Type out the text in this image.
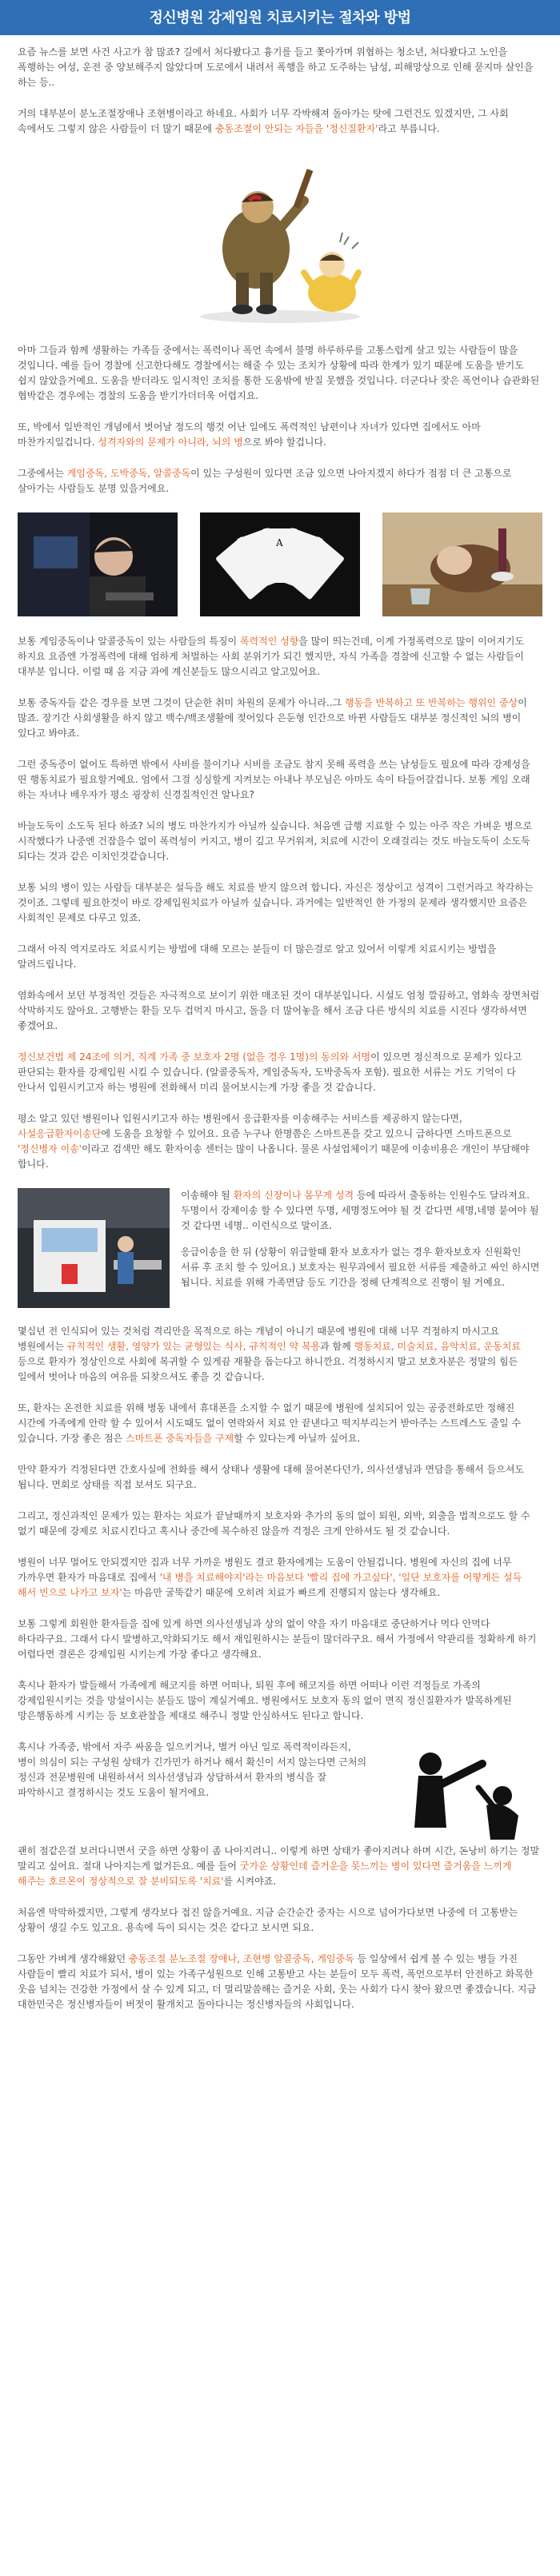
정신병원 강제입원 치료시키는 절차와 방법

요즘 뉴스를 보면 사건 사고가 참 많죠? 길에서 처다봤다고 흉기를 들고 쫓아가며 위협하는 청소년, 처다봤다고 노인을 폭행하는 여성, 운전 중 양보해주지 않았다며 도로에서 내려서 폭행을 하고 도주하는 남성, 피해망상으로 인해 묻지마 살인을 하는 등..

거의 대부분이 분노조절장애나 조현병이라고 하네요. 사회가 너무 각박해져 돌아가는 탓에 그런건도 있겠지만, 그 사회 속에서도 그렇지 않은 사람들이 더 많기 때문에 충동조절이 안되는 자들을 '정신질환자'라고 부릅니다.

아마 그들과 함께 생활하는 가족들 중에서는 폭력이나 폭언 속에서 불명 하루하루를 고통스럽게 살고 있는 사람들이 많을 것입니다. 예를 들어 경찰에 신고한다해도 경찰에서는 해줄 수 있는 조치가 상황에 따라 한계가 있기 때문에 도움을 받기도 쉽지 않았을거예요. 도움을 받더라도 일시적인 조치를 통한 도움밖에 받질 못했을 것입니다. 더군다나 잦은 폭언이나 습관화된 협박같은 경우에는 경찰의 도움을 받기가더더욱 어렵지요.

또, 박에서 일반적인 개념에서 벗어날 정도의 행것 어난 일에도 폭력적인 남편이나 자녀가 있다면 집에서도 아마 마찬가지일겁니다. 성격자와의 문제가 아니라, 뇌의 병으로 봐야 할겁니다.

그중에서는 게임중독, 도박중독, 알콜중독이 있는 구성원이 있다면 조금 있으면 나아지겠지 하다가 점점 더 큰 고통으로 살아가는 사람들도 분명 있을거에요.

A

보통 게임중독이나 알콜중독이 있는 사람들의 특징이 폭력적인 성향을 많이 띄는건데, 이게 가정폭력으로 많이 이어지기도 하지요 요즘엔 가정폭력에 대해 엄하게 처벌하는 사회 분위기가 되긴 했지만, 자식 가족을 경찰에 신고할 수 없는 사람들이 대부분 입니다. 이럴 때 음 지금 과에 계신분들도 많으시리고 알고있어요.

보통 중독자들 같은 경우를 보면 그것이 단순한 취미 차원의 문제가 아니라..그 행동을 반복하고 또 반복하는 행위인 중상이 많죠. 장기간 사회생활을 하지 않고 백수/백조생활에 젖어있다 은둔형 인간으로 바뀐 사람들도 대부분 정신적인 뇌의 병이 있다고 봐야죠.

그런 중독증이 없어도 특하면 밖에서 사비를 불이기나 시비를 조금도 참지 못해 폭력을 쓰는 남성들도 필요에 따라 강제성을 띤 행동치료가 필요할거예요. 엄에서 그걸 싱싱할게 지켜보는 아내나 부모님은 아마도 속이 타들어갈겁니다. 보통 게임 오래 하는 자녀나 배우자가 평소 굉장히 신경질적인건 알나요?

바늘도둑이 소도둑 된다 하죠? 뇌의 병도 마찬가지가 아닐까 싶습니다. 처음엔 급행 지료할 수 있는 아주 작은 가벼운 병으로 시작했다가 나중엔 건잡을수 없이 폭력성이 커지고, 병이 깊고 무거워져, 치료에 시간이 오래걸리는 것도 바늘도둑이 소도둑 되다는 것과 같은 이치인것같습니다.

보통 뇌의 병이 있는 사람들 대부분은 설득을 해도 치료를 받지 않으려 합니다. 자신은 정상이고 성격이 그런거라고 착각하는 것이죠. 그렇데 필요한것이 바로 강제입원치료가 아닐까 싶습니다. 과거에는 일반적인 한 가정의 문제라 생각했지만 요즘은 사회적인 문제로 다루고 있죠.

그래서 아직 역지로라도 치료시키는 방법에 대해 모르는 분들이 더 많은걸로 알고 있어서 이렇게 치료시키는 방법을 알려드립니다.

염화속에서 보던 부정적인 것들은 자극적으로 보이기 위한 매조된 것이 대부분입니다. 시설도 엄청 깔끔하고, 염화속 장면처럼 삭막하지도 않아요. 고행받는 환들 모두 겁먹지 마시고, 돌을 더 많어놓을 해서 조금 다른 방식의 치료를 시진다 생각하셔면 좋겠어요.

정신보건법 제 24조에 의거, 직계 가족 중 보호자 2명 (없을 경우 1명)의 동의와 서명이 있으면 정신적으로 문제가 있다고 판단되는 환자를 강제입원 시킬 수 있습니다. (알콜중독자, 게임중독자, 도박중독자 포함). 필요한 서류는 거도 기억이 다 안나서 입원시키고자 하는 병원에 전화해서 미리 물어보시는게 가장 좋을 것 같습니다.

평소 알고 있던 병원이나 입원시키고자 하는 병원에서 응급환자를 이송해주는 서비스를 제공하지 않는다면, 사설응급환자이송단에 도움을 요청할 수 있어요. 요즘 누구나 한명쯤은 스마트폰을 갖고 있으니 급하다면 스마트폰으로 '정신병자 이송'이라고 검색만 해도 환자이송 센터는 많이 나옵니다. 물론 사설업체이기 때문에 이송비용은 개인이 부담해야 합니다.

이송해야 될 환자의 신장이나 몸무게 성격 등에 따라서 출동하는 인원수도 달라져요. 두명이서 강제이송 할 수 있다면 두명, 세명정도여야 될 것 같다면 세명,네명 붙여야 될 것 같다면 네명.. 이런식으로 말이죠.

응급이송을 한 뒤 (상황이 위급할때 환자 보호자가 없는 경우 환자보호자 신원확인 서류 후 조치 할 수 있어요.) 보호자는 원무과에서 필요한 서류를 제출하고 싸인 하시면 됩니다. 치료를 위해 가족면담 등도 기간을 정해 단계적으로 진행이 될 거예요.

몇십년 전 인식되어 있는 것처럼 격리만을 목적으로 하는 개념이 아니기 때문에 병원에 대해 너무 걱정하지 마시고요 병원에서는 규칙적인 생활, 영양가 있는 균형있는 식사, 규칙적인 약 복용과 함께 행동치료, 미술치료, 음악치료, 운동치료 등으로 환자가 정상인으로 사회에 복귀할 수 있게끔 재활을 돕는다고 하니깐요. 걱정하시지 말고 보호자분은 정말의 힘든 일에서 벗어나 마음의 여유를 되찾으셔도 좋을 것 같습니다.

또, 환자는 온전한 치료를 위해 병동 내에서 휴대폰을 소지할 수 없기 때문에 병원에 설치되어 있는 공중전화로만 정해진 시간에 가족에게 안락 할 수 있어서 시도때도 없이 연락와서 치료 안 끝낸다고 떡지부리는거 받아주는 스트레스도 줄일 수 있습니다. 가장 좋은 점은 스마트폰 중독자들을 구제할 수 있다는게 아닐까 싶어요.

만약 환자가 걱정된다면 간호사실에 전화를 해서 상태나 생활에 대해 물어본다던가, 의사선생님과 면담을 통해서 들으셔도 됩니다. 면회로 상태를 직접 보셔도 되구요.

그리고, 정신과적인 문제가 있는 환자는 치료가 끝날때까지 보호자와 추가의 동의 없이 퇴원, 외박, 외출을 법적으로도 할 수 없기 때문에 강제로 치료시킨다고 혹시나 중간에 복수하진 않을까 걱정은 크게 안하셔도 될 것 같습니다.

병원이 너무 멀어도 안되겠지만 집과 너무 가까운 병원도 결코 환자에게는 도움이 안될겁니다. 병원에 자신의 집에 너무 가까우면 환자가 마음대로 집에서 '내 병을 치료해야지'라는 마음보다 '빨리 집에 가고싶다', '일단 보호자를 어떻게든 설득 해서 빈으로 나가고 보자'는 마음만 굴뚝같기 때문에 오히려 치료가 빠르게 진행되지 않는다 생각해요.

보통 그렇게 회원한 환자들을 집에 있게 하면 의사선생님과 상의 없이 약을 자기 마음대로 중단하거나 먹다 안먹다 하다라구요. 그래서 다시 발병하고,악화되기도 해서 재입원하시는 분들이 많더라구요. 해서 가정에서 약관리를 정확하게 하기 어렵다면 결론은 강제입원 시키는게 가장 좋다고 생각해요.

혹시나 환자가 발들해서 가족에게 해코지를 하면 어떠나, 퇴원 후에 해코지를 하면 어떠나 이런 걱정들로 가족의 강제입원시키는 것을 망설이시는 분들도 많이 계실거예요. 병원에서도 보호자 동의 없이 면직 정신질환자가 발목하게된 망은행동하게 시키는 등 보호관찰을 제대로 해주니 정말 안심하셔도 된다고 합니다.

혹시나 가족중, 밖에서 자주 싸움을 일으키거나, 별거 아닌 일로 폭력적이라든지, 병이 의심이 되는 구성원 상태가 긴가민가 하거나 해서 확신이 서지 않는다면 근처의 정신과 전문병원에 내원하셔서 의사선생님과 상담하셔서 환자의 병식을 잘 파악하시고 결정하시는 것도 도움이 될거에요.

괜히 점같은걸 보러다니면서 굿을 하면 상황이 좀 나아지려니.. 이렇게 하면 상태가 좋아지려나 하며 시간, 돈낭비 하기는 정말 말리고 싶어요. 절대 나아지는게 없거든요. 예를 들어 굿가운 상황인데 즐거운을 못느끼는 병이 있다면 즐거움을 느끼게 해주는 호르몬이 정상적으로 잘 분비되도록 '치료'를 시켜야죠.

처음엔 막막하겠지만, 그렇게 생각보다 접진 않을거예요. 지금 순간순간 중자는 시으로 넘어가다보면 나중에 더 고통받는 상황이 생길 수도 있고요. 용속에 득이 되시는 것은 같다고 보시면 되요.

그동안 가벼게 생각해왔던 충동조절 분노조절 장애나, 조현병 알콜중독, 게임중독 등 일상에서 쉽게 볼 수 있는 병들 가진 사람들이 빨리 치료가 되서, 병이 있는 가족구성원으로 인해 고통받고 사는 분들이 모두 폭력, 폭언으로부터 안전하고 화목한 웃음 넘치는 건강한 가정에서 살 수 있게 되고, 더 멀리말씀해는 즐거운 사회, 웃는 사회가 다시 찾아 왔으면 좋겠습니다. 지금 대한민국은 정신병자들이 버젓이 활개치고 돌아다니는 정신병자들의 사회입니다.
